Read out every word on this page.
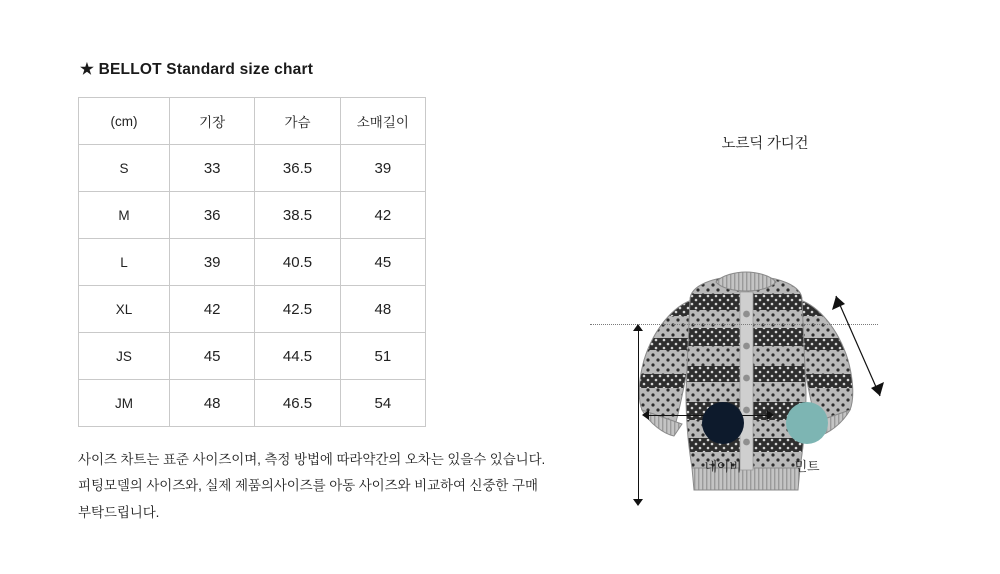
★ BELLOT Standard size chart
(cm)	기장	가슴	소매길이
S	33	36.5	39
M	36	38.5	42
L	39	40.5	45
XL	42	42.5	48
JS	45	44.5	51
JM	48	46.5	54
사이즈 차트는 표준 사이즈이며, 측정 방법에 따라약간의 오차는 있을수 있습니다.
피팅모델의 사이즈와, 실제 제품의사이즈를 아동 사이즈와 비교하여 신중한 구매 부탁드립니다.
노르딕 가디건
네이비	민트
